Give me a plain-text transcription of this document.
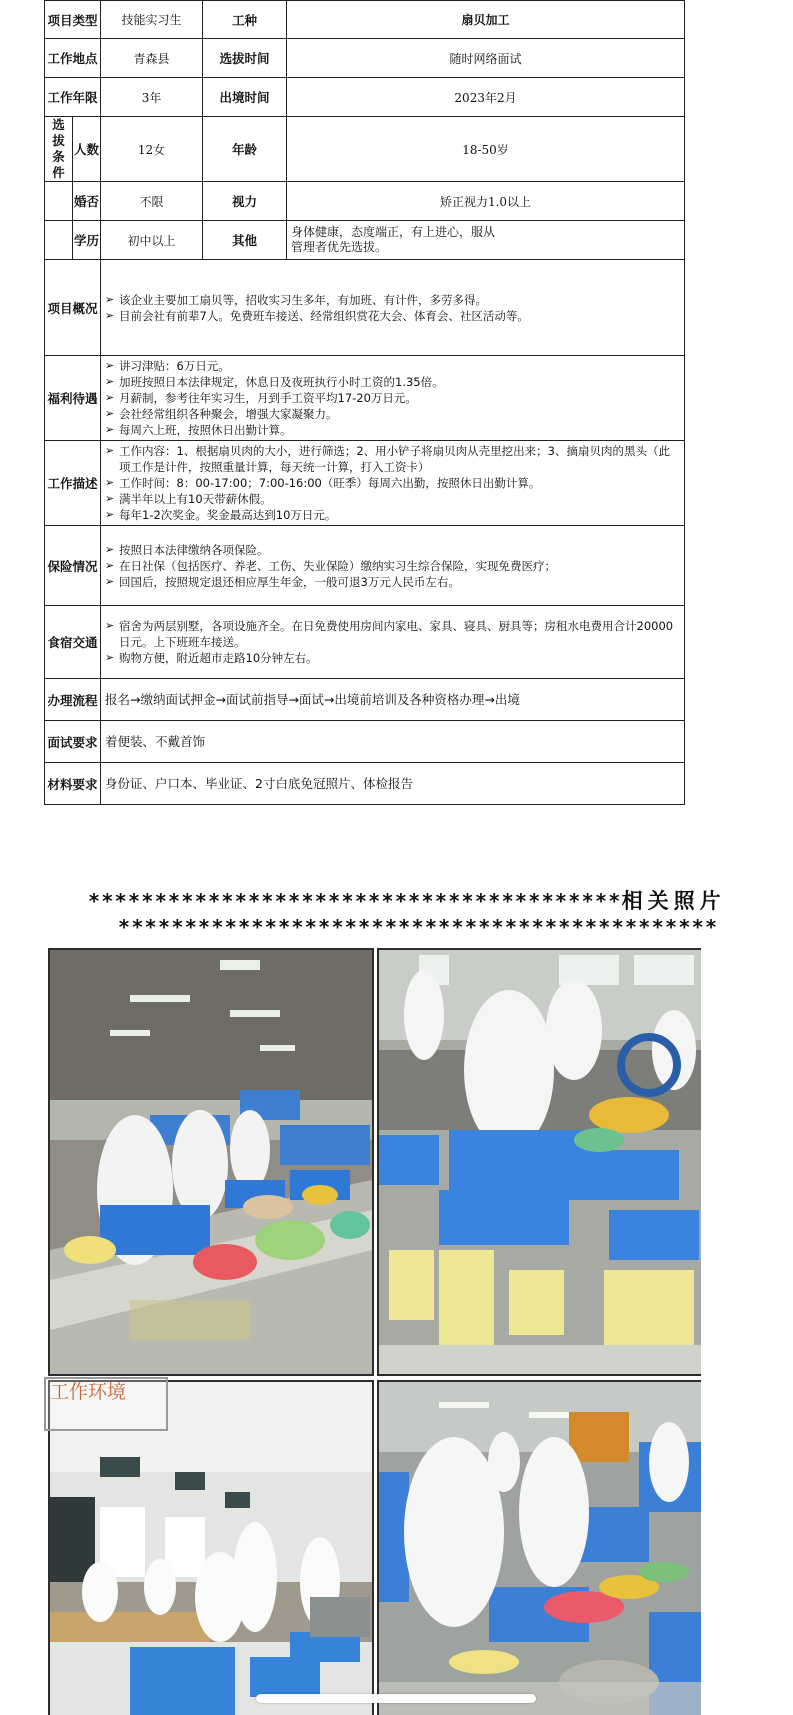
项目类型		技能实习生	工种	扇贝加工
工作地点		青森县	选拔时间	随时网络面试
工作年限		3年	出境时间	2023年2月

选拔条件	人数	12女	年龄	18-50岁
	婚否	不限	视力	矫正视力1.0以上
	学历	初中以上	其他	身体健康，态度端正，有上进心，服从
管理者优先选拔。

项目概况		➢ 该企业主要加工扇贝等，招收实习生多年，有加班、有计件，多劳多得。
➢ 目前会社有前辈7人。免费班车接送、经常组织赏花大会、体育会、社区活动等。

福利待遇		➢ 讲习津贴：6万日元。
➢ 加班按照日本法律规定，休息日及夜班执行小时工资的1.35倍。
➢ 月薪制，参考往年实习生，月到手工资平均17-20万日元。
➢ 会社经常组织各种聚会，增强大家凝聚力。
➢ 每周六上班，按照休日出勤计算。

工作描述		➢ 工作内容：1、根据扇贝肉的大小，进行筛选；2、用小铲子将扇贝肉从壳里挖出来；3、摘扇贝肉的黑头（此项工作是计件，按照重量计算，每天统一计算，打入工资卡）
➢ 工作时间：8：00-17:00；7:00-16:00（旺季）每周六出勤，按照休日出勤计算。
➢ 满半年以上有10天带薪休假。
➢ 每年1-2次奖金。奖金最高达到10万日元。

保险情况		➢ 按照日本法律缴纳各项保险。
➢ 在日社保（包括医疗、养老、工伤、失业保险）缴纳实习生综合保险，实现免费医疗；
➢ 回国后，按照规定退还相应厚生年金，一般可退3万元人民币左右。

食宿交通		➢ 宿舍为两层别墅，各项设施齐全。在日免费使用房间内家电、家具、寝具、厨具等；房租水电费用合计20000日元。上下班班车接送。
➢ 购物方便，附近超市走路10分钟左右。

办理流程		报名→缴纳面试押金→面试前指导→面试→出境前培训及各种资格办理→出境		
面试要求		着便装、不戴首饰		
材料要求		身份证、户口本、毕业证、2寸白底免冠照片、体检报告		
****************************************相关照片
*********************************************
工作环境
